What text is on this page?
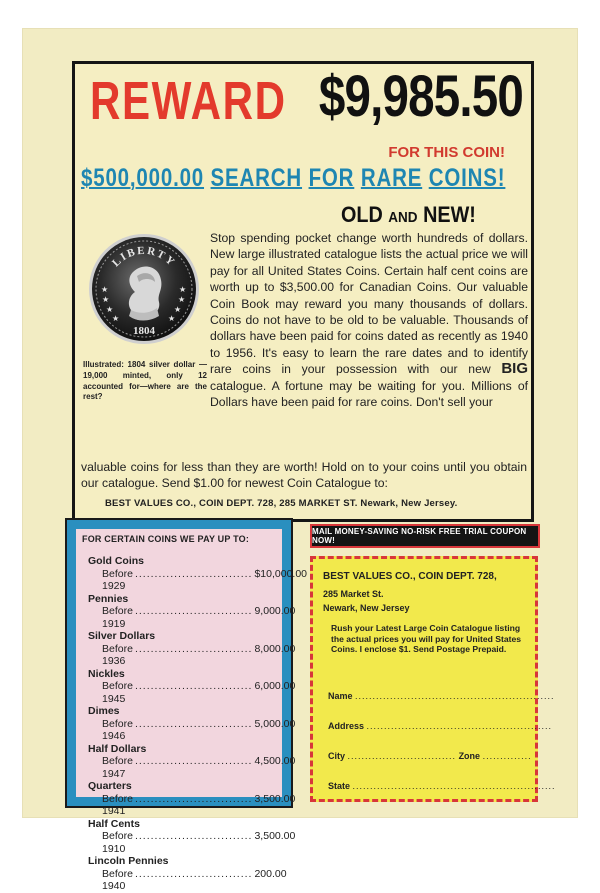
REWARD $9,985.50
FOR THIS COIN!
$500,000.00 SEARCH FOR RARE COINS!
OLD AND NEW!
LIBERTY
★
★
★
★
★
★
★
★
1804
Illustrated: 1804 silver dollar — 19,000 minted, only 12 accounted for—where are the rest?
Stop spending pocket change worth hundreds of dollars. New large illustrated catalogue lists the actual price we will pay for all United States Coins. Certain half cent coins are worth up to $3,500.00 for Canadian Coins. Our valuable Coin Book may reward you many thousands of dollars. Coins do not have to be old to be valuable. Thousands of dollars have been paid for coins dated as recently as 1940 to 1956. It's easy to learn the rare dates and to identify rare coins in your possession with our new BIG catalogue. A fortune may be waiting for you. Millions of Dollars have been paid for rare coins. Don't sell your
valuable coins for less than they are worth! Hold on to your coins until you obtain our catalogue. Send $1.00 for newest Coin Catalogue to:
BEST VALUES CO., COIN DEPT. 728, 285 MARKET ST. Newark, New Jersey.
FOR CERTAIN COINS WE PAY UP TO:
Gold Coins
Before 1929
.............................. $10,000.00
Pennies
Before 1919
.............................. 9,000.00
Silver Dollars
Before 1936
.............................. 8,000.00
Nickles
Before 1945
.............................. 6,000.00
Dimes
Before 1946
.............................. 5,000.00
Half Dollars
Before 1947
.............................. 4,500.00
Quarters
Before 1941
.............................. 3,500.00
Half Cents
Before 1910
.............................. 3,500.00
Lincoln Pennies
Before 1940
.............................. 200.00
MAIL MONEY-SAVING NO-RISK FREE TRIAL COUPON NOW!
BEST VALUES CO., COIN DEPT. 728,
285 Market St.
Newark, New Jersey
Rush your Latest Large Coin Catalogue listing the actual prices you will pay for United States Coins. I enclose $1. Send Postage Prepaid.
Name .........................................................
Address .....................................................
City ............................... Zone ..............
State ..........................................................
